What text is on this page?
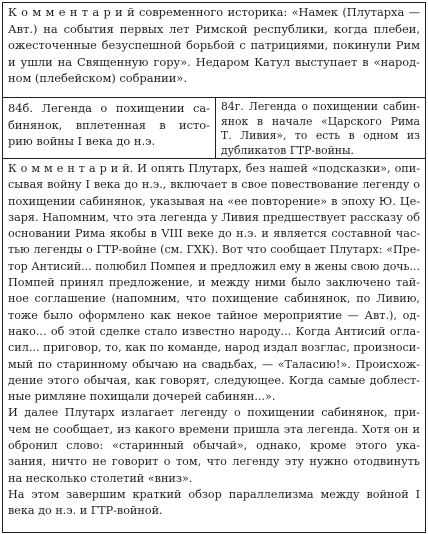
К о м м е н т а р и й современного историка: «Намек (Плутарха —
Авт.) на события первых лет Римской республики, когда плебеи,
ожесточенные безуспешной борьбой с патрициями, покинули Рим
и ушли на Священную гору». Недаром Катул выступает в «народ-
ном (плебейском) собрании».
84б. Легенда о похищении са-
бинянок, вплетенная в исто-
рию войны I века до н.э.
84г. Легенда о похищении сабин-
янок в начале «Царского Рима
Т. Ливия», то есть в одном из
дубликатов ГТР-войны.
К о м м е н т а р и й. И опять Плутарх, без нашей «подсказки», опи-
сывая войну I века до н.э., включает в свое повествование легенду о
похищении сабинянок, указывая на «ее повторение» в эпоху Ю. Це-
заря. Напомним, что эта легенда у Ливия предшествует рассказу об
основании Рима якобы в VIII веке до н.э. и является составной час-
тью легенды о ГТР-войне (см. ГХК). Вот что сообщает Плутарх: «Пре-
тор Антисий... полюбил Помпея и предложил ему в жены свою дочь...
Помпей принял предложение, и между ними было заключено тай-
ное соглашение (напомним, что похищение сабинянок, по Ливию,
тоже было оформлено как некое тайное мероприятие — Авт.), од-
нако... об этой сделке стало известно народу... Когда Антисий огла-
сил... приговор, то, как по команде, народ издал возглас, произноси-
мый по старинному обычаю на свадьбах, — «Таласию!». Происхож-
дение этого обычая, как говорят, следующее. Когда самые доблест-
ные римляне похищали дочерей сабинян...».
И далее Плутарх излагает легенду о похищении сабинянок, при-
чем не сообщает, из какого времени пришла эта легенда. Хотя он и
обронил слово: «старинный обычай», однако, кроме этого ука-
зания, ничто не говорит о том, что легенду эту нужно отодвинуть
на несколько столетий «вниз».
На этом завершим краткий обзор параллелизма между войной I
века до н.э. и ГТР-войной.
